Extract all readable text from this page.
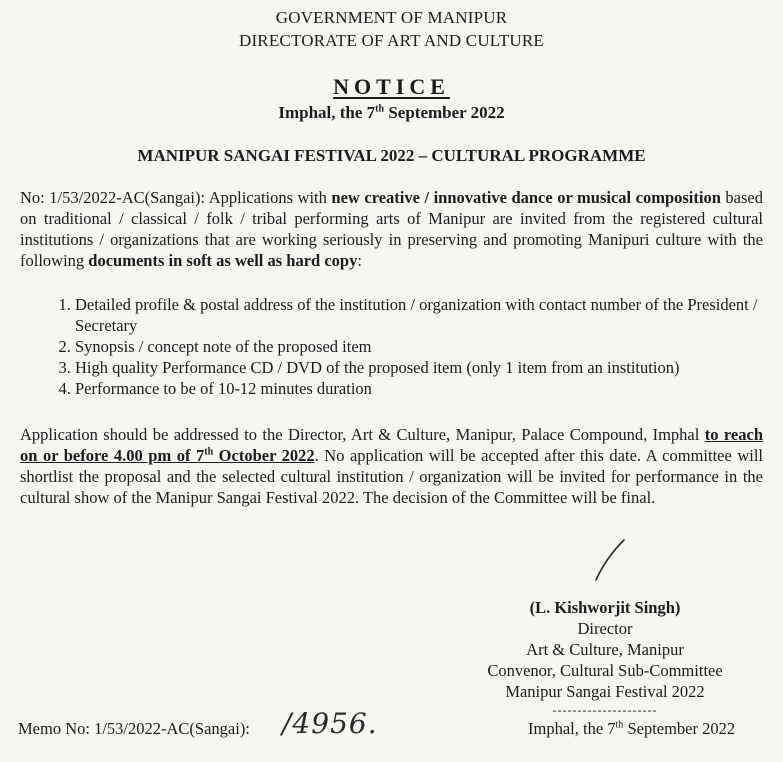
GOVERNMENT OF MANIPUR
DIRECTORATE OF ART AND CULTURE
NOTICE
Imphal, the 7th September 2022
MANIPUR SANGAI FESTIVAL 2022 – CULTURAL PROGRAMME
No: 1/53/2022-AC(Sangai): Applications with new creative / innovative dance or musical composition based on traditional / classical / folk / tribal performing arts of Manipur are invited from the registered cultural institutions / organizations that are working seriously in preserving and promoting Manipuri culture with the following documents in soft as well as hard copy:
1. Detailed profile & postal address of the institution / organization with contact number of the President / Secretary
2. Synopsis / concept note of the proposed item
3. High quality Performance CD / DVD of the proposed item (only 1 item from an institution)
4. Performance to be of 10-12 minutes duration
Application should be addressed to the Director, Art & Culture, Manipur, Palace Compound, Imphal to reach on or before 4.00 pm of 7th October 2022. No application will be accepted after this date. A committee will shortlist the proposal and the selected cultural institution / organization will be invited for performance in the cultural show of the Manipur Sangai Festival 2022. The decision of the Committee will be final.
(L. Kishworjit Singh)
Director
Art & Culture, Manipur
Convenor, Cultural Sub-Committee
Manipur Sangai Festival 2022
---------------------
Memo No: 1/53/2022-AC(Sangai): /4956.	Imphal, the 7th September 2022
